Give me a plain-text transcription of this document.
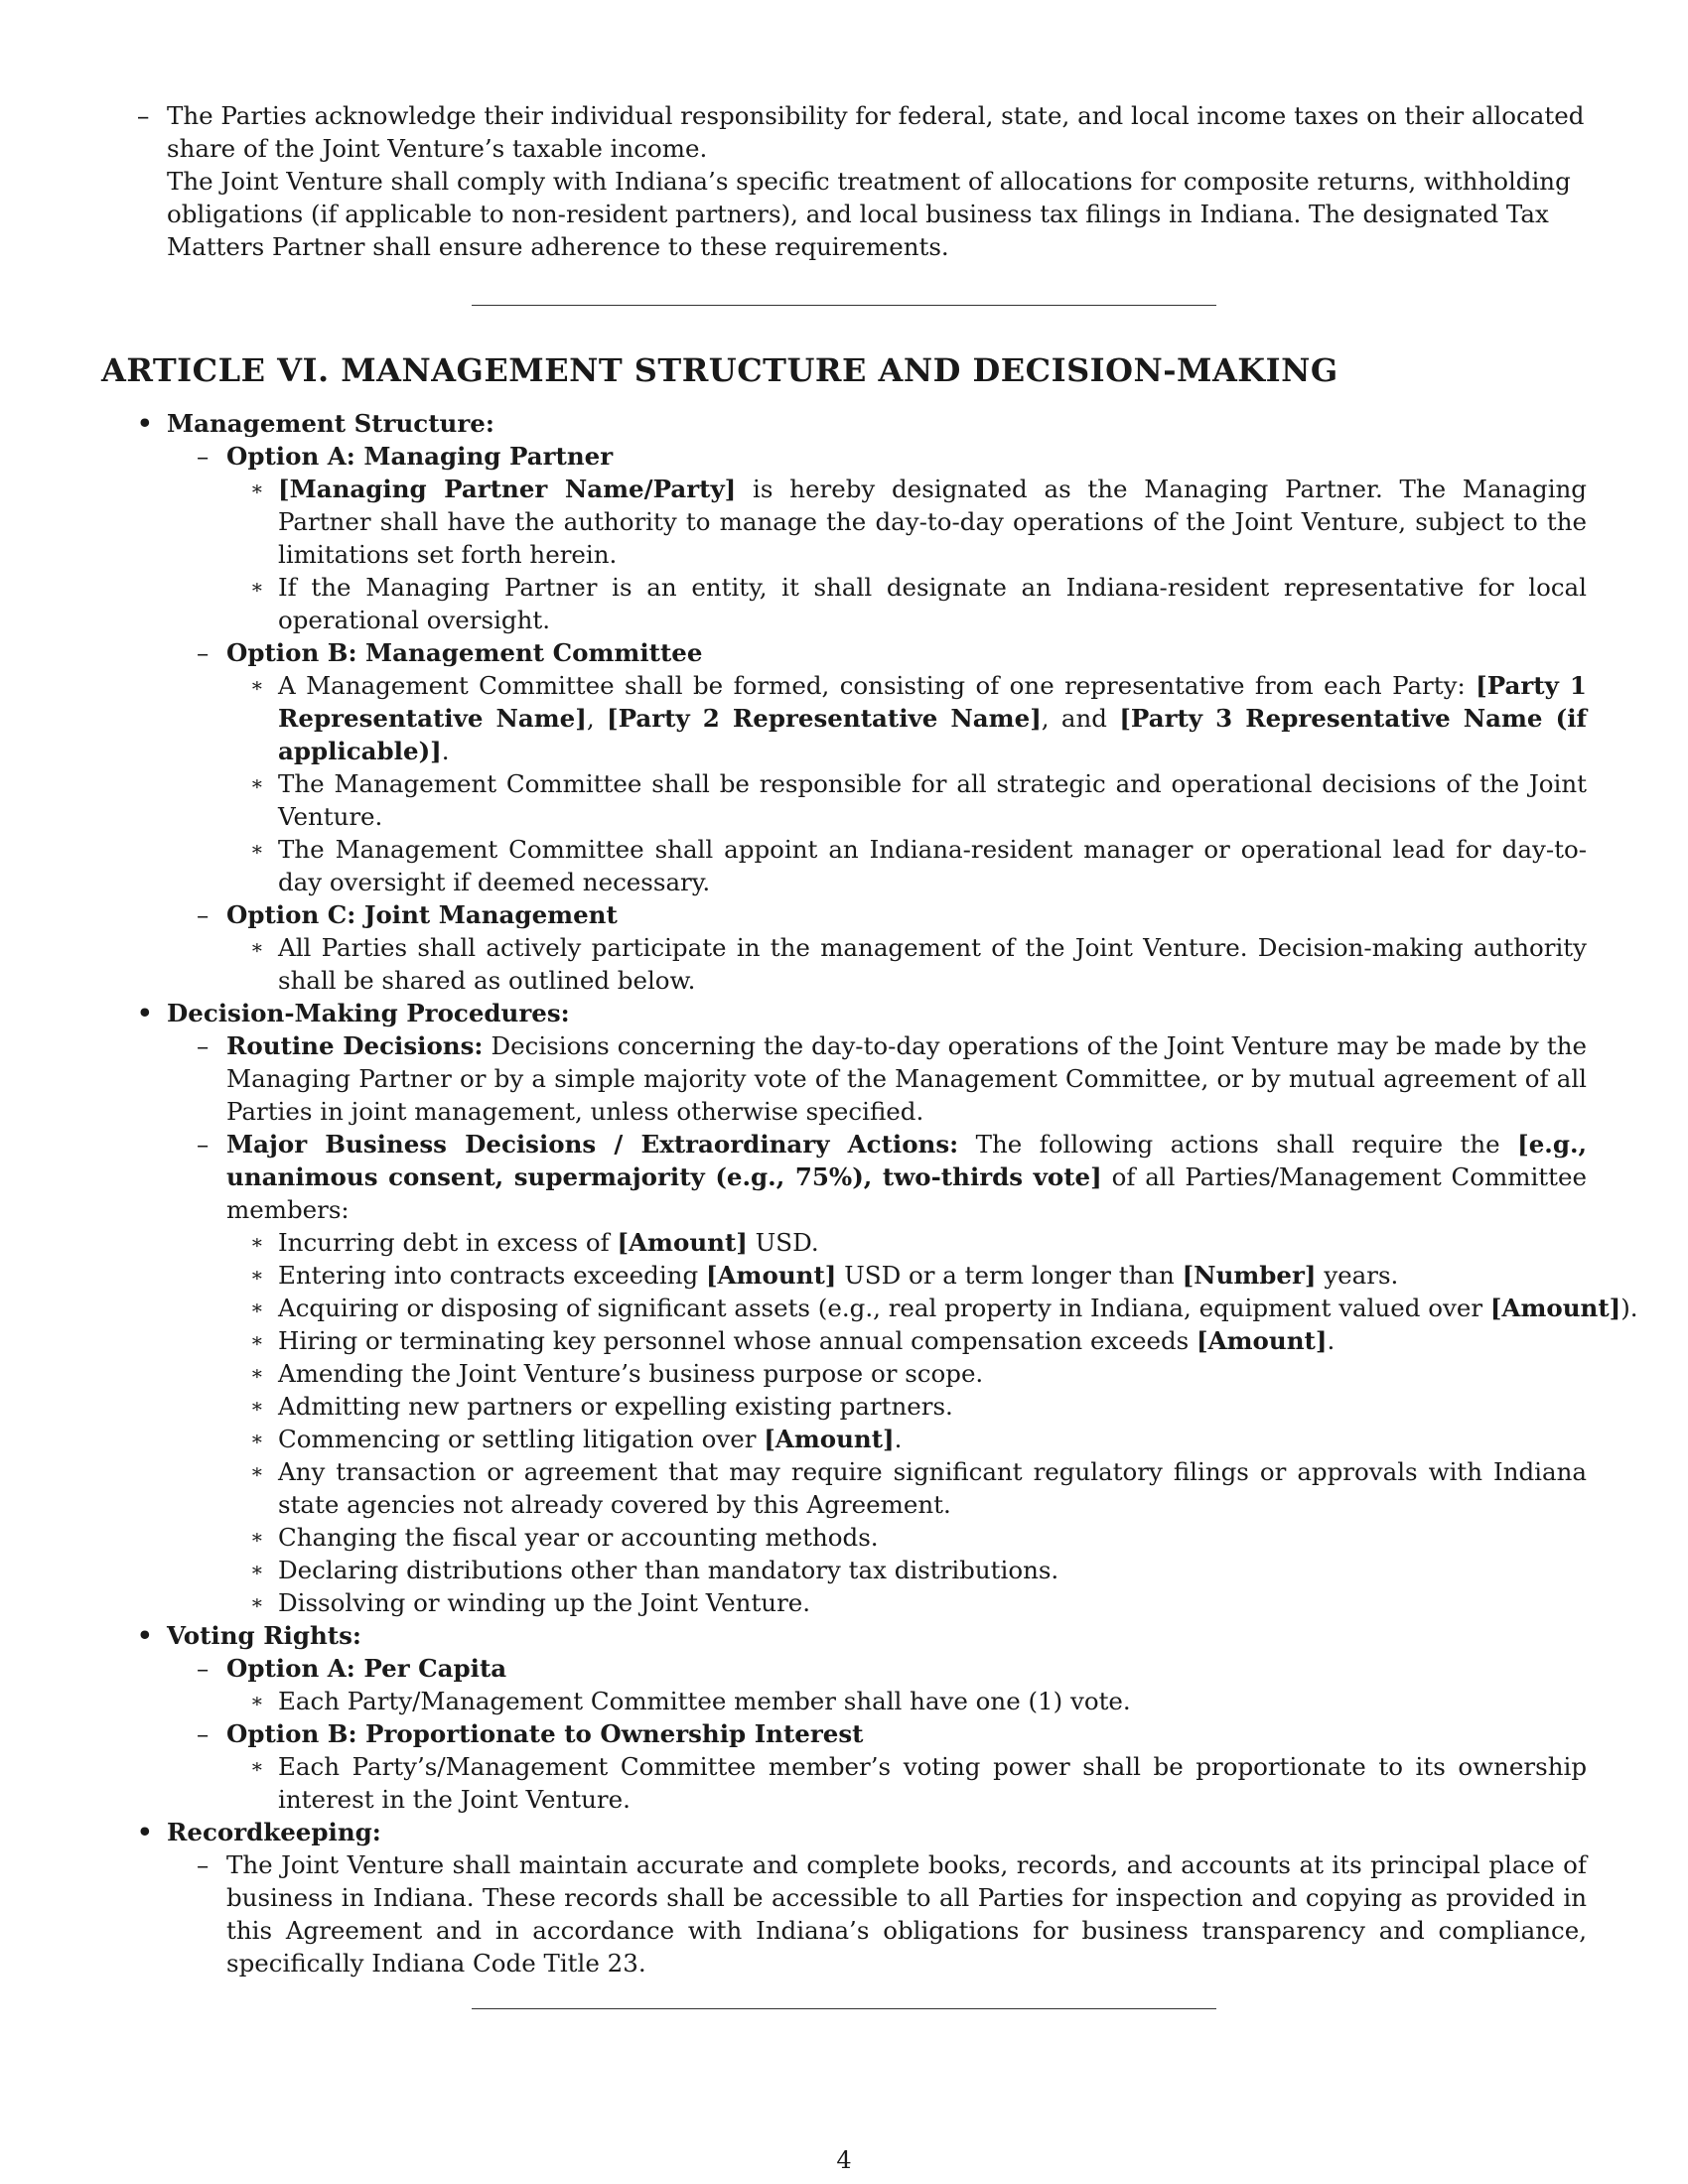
– The Parties acknowledge their individual responsibility for federal, state, and local income taxes on their allocated share of the Joint Venture’s taxable income.
– The Joint Venture shall comply with Indiana’s specific treatment of allocations for composite returns, withholding obligations (if applicable to non-resident partners), and local business tax filings in Indiana. The designated Tax Matters Partner shall ensure adherence to these requirements.
ARTICLE VI. MANAGEMENT STRUCTURE AND DECISION-MAKING
• Management Structure:
– Option A: Managing Partner
∗ [Managing Partner Name/Party] is hereby designated as the Managing Partner. The Managing Partner shall have the authority to manage the day-to-day operations of the Joint Venture, subject to the limitations set forth herein.
∗ If the Managing Partner is an entity, it shall designate an Indiana-resident representative for local operational oversight.
– Option B: Management Committee
∗ A Management Committee shall be formed, consisting of one representative from each Party: [Party 1 Representative Name], [Party 2 Representative Name], and [Party 3 Representative Name (if applicable)].
∗ The Management Committee shall be responsible for all strategic and operational decisions of the Joint Venture.
∗ The Management Committee shall appoint an Indiana-resident manager or operational lead for day-to-day oversight if deemed necessary.
– Option C: Joint Management
∗ All Parties shall actively participate in the management of the Joint Venture. Decision-making authority shall be shared as outlined below.
• Decision-Making Procedures:
– Routine Decisions: Decisions concerning the day-to-day operations of the Joint Venture may be made by the Managing Partner or by a simple majority vote of the Management Committee, or by mutual agreement of all Parties in joint management, unless otherwise specified.
– Major Business Decisions / Extraordinary Actions: The following actions shall require the [e.g., unanimous consent, supermajority (e.g., 75%), two-thirds vote] of all Parties/Management Committee members:
∗ Incurring debt in excess of [Amount] USD.
∗ Entering into contracts exceeding [Amount] USD or a term longer than [Number] years.
∗ Acquiring or disposing of significant assets (e.g., real property in Indiana, equipment valued over [Amount]).
∗ Hiring or terminating key personnel whose annual compensation exceeds [Amount].
∗ Amending the Joint Venture’s business purpose or scope.
∗ Admitting new partners or expelling existing partners.
∗ Commencing or settling litigation over [Amount].
∗ Any transaction or agreement that may require significant regulatory filings or approvals with Indiana state agencies not already covered by this Agreement.
∗ Changing the fiscal year or accounting methods.
∗ Declaring distributions other than mandatory tax distributions.
∗ Dissolving or winding up the Joint Venture.
• Voting Rights:
– Option A: Per Capita
∗ Each Party/Management Committee member shall have one (1) vote.
– Option B: Proportionate to Ownership Interest
∗ Each Party’s/Management Committee member’s voting power shall be proportionate to its ownership interest in the Joint Venture.
• Recordkeeping:
– The Joint Venture shall maintain accurate and complete books, records, and accounts at its principal place of business in Indiana. These records shall be accessible to all Parties for inspection and copying as provided in this Agreement and in accordance with Indiana’s obligations for business transparency and compliance, specifically Indiana Code Title 23.
4
